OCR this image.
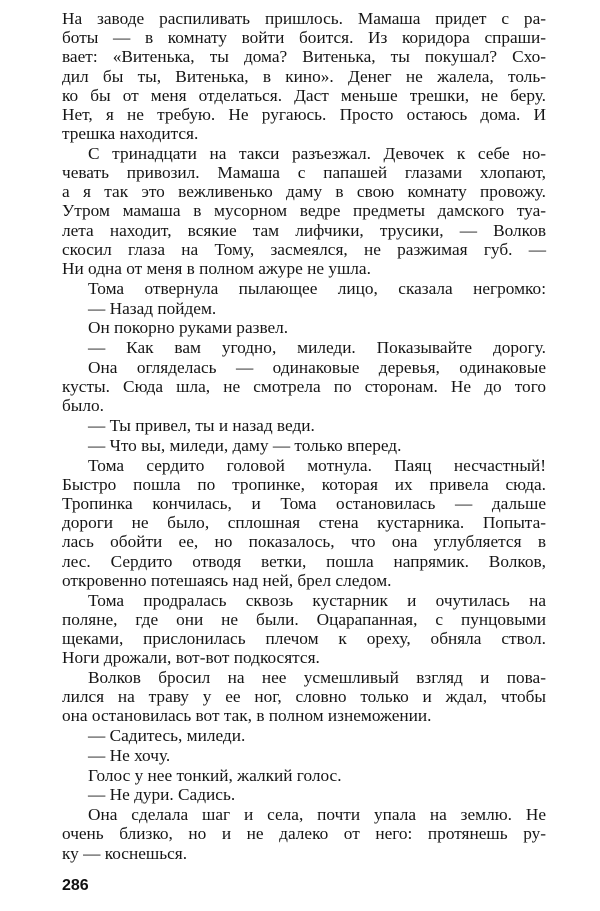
На заводе распиливать пришлось. Мамаша придет с ра-
боты — в комнату войти боится. Из коридора спраши-
вает: «Витенька, ты дома? Витенька, ты покушал? Схо-
дил бы ты, Витенька, в кино». Денег не жалела, толь-
ко бы от меня отделаться. Даст меньше трешки, не беру.
Нет, я не требую. Не ругаюсь. Просто остаюсь дома. И
трешка находится.
С тринадцати на такси разъезжал. Девочек к себе но-
чевать привозил. Мамаша с папашей глазами хлопают,
а я так это вежливенько даму в свою комнату провожу.
Утром мамаша в мусорном ведре предметы дамского туа-
лета находит, всякие там лифчики, трусики, — Волков
скосил глаза на Тому, засмеялся, не разжимая губ. —
Ни одна от меня в полном ажуре не ушла.
Тома отвернула пылающее лицо, сказала негромко:
— Назад пойдем.
Он покорно руками развел.
— Как вам угодно, миледи. Показывайте дорогу.
Она огляделась — одинаковые деревья, одинаковые
кусты. Сюда шла, не смотрела по сторонам. Не до того
было.
— Ты привел, ты и назад веди.
— Что вы, миледи, даму — только вперед.
Тома сердито головой мотнула. Паяц несчастный!
Быстро пошла по тропинке, которая их привела сюда.
Тропинка кончилась, и Тома остановилась — дальше
дороги не было, сплошная стена кустарника. Попыта-
лась обойти ее, но показалось, что она углубляется в
лес. Сердито отводя ветки, пошла напрямик. Волков,
откровенно потешаясь над ней, брел следом.
Тома продралась сквозь кустарник и очутилась на
поляне, где они не были. Оцарапанная, с пунцовыми
щеками, прислонилась плечом к ореху, обняла ствол.
Ноги дрожали, вот-вот подкосятся.
Волков бросил на нее усмешливый взгляд и пова-
лился на траву у ее ног, словно только и ждал, чтобы
она остановилась вот так, в полном изнеможении.
— Садитесь, миледи.
— Не хочу.
Голос у нее тонкий, жалкий голос.
— Не дури. Садись.
Она сделала шаг и села, почти упала на землю. Не
очень близко, но и не далеко от него: протянешь ру-
ку — коснешься.
286
